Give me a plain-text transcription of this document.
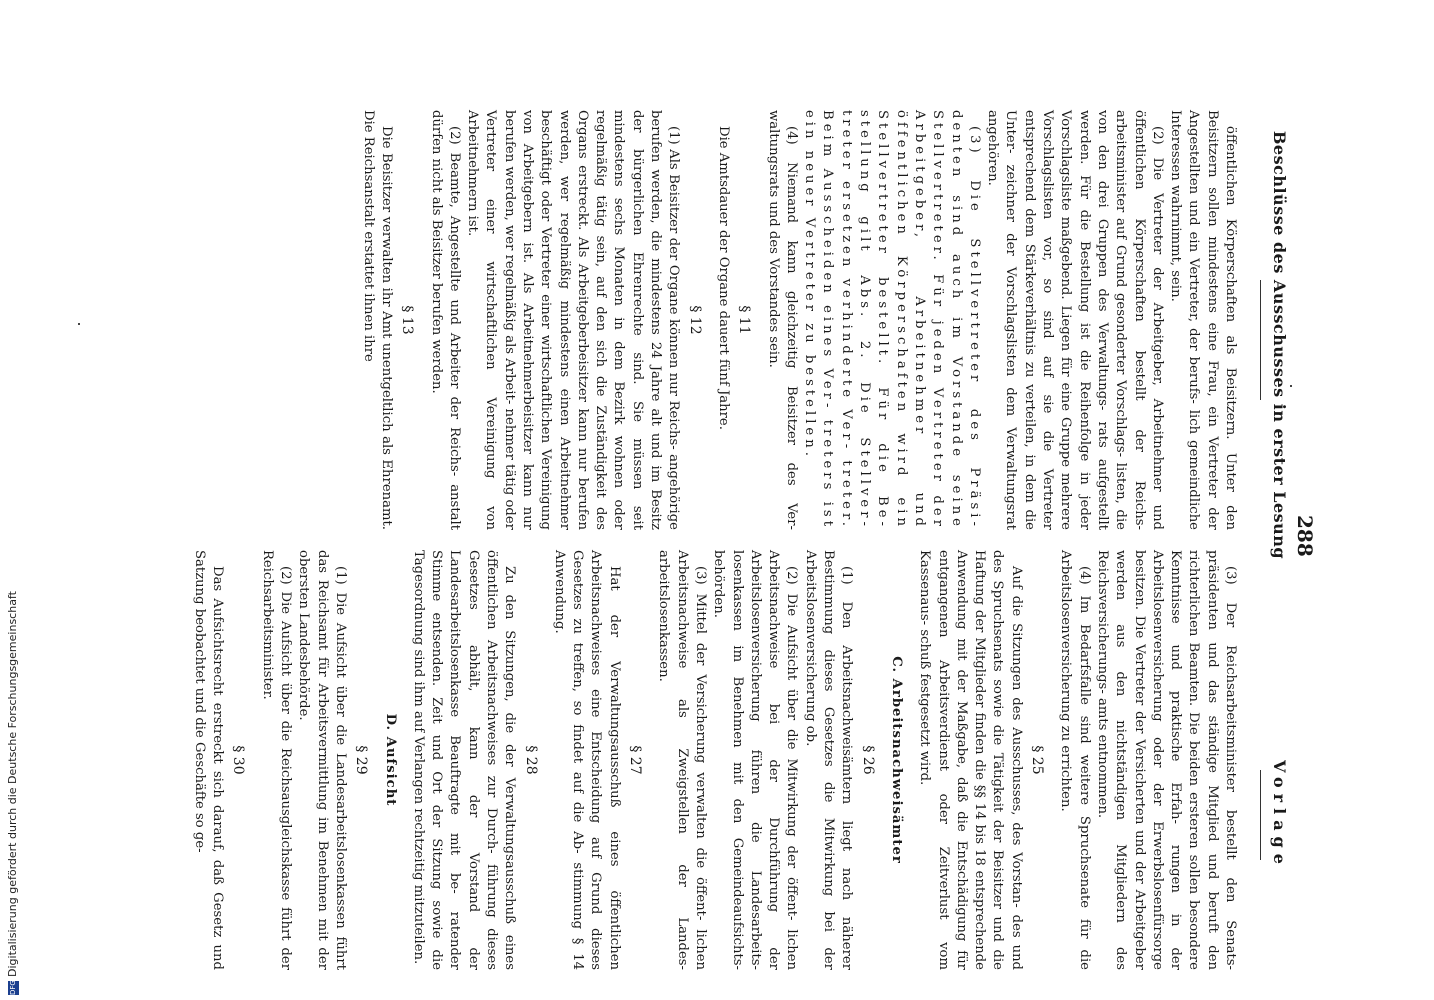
288
Beschlüsse des Ausschusses in erster Lesung
Vorlage
öffentlichen Körperschaften als Beisitzern. Unter den Beisitzern sollen mindestens eine Frau, ein Vertreter der Angestellten und ein Vertreter, der berufs- lich gemeindliche Interessen wahrnimmt, sein.
(2) Die Vertreter der Arbeitgeber, Arbeitnehmer und öffentlichen Körperschaften bestellt der Reichs- arbeitsminister auf Grund gesonderter Vorschlags- listen, die von den drei Gruppen des Verwaltungs- rats aufgestellt werden. Für die Bestellung ist die Reihenfolge in jeder Vorschlagsliste maßgebend. Liegen für eine Gruppe mehrere Vorschlagslisten vor, so sind auf sie die Vertreter entsprechend dem Stärkeverhältnis zu verteilen, in dem die Unter- zeichner der Vorschlagslisten dem Verwaltungsrat angehören.
(3) Die Stellvertreter des Präsi- denten sind auch im Vorstande seine Stellvertreter. Für jeden Vertreter der Arbeitgeber, Arbeitnehmer und öffentlichen Körperschaften wird ein Stellvertreter bestellt. Für die Be- stellung gilt Abs. 2. Die Stellver- treter ersetzen verhinderte Ver- treter. Beim Ausscheiden eines Ver- treters ist ein neuer Vertreter zu bestellen.
(4) Niemand kann gleichzeitig Beisitzer des Ver- waltungsrats und des Vorstandes sein.
§ 11
Die Amtsdauer der Organe dauert fünf Jahre.
§ 12
(1) Als Beisitzer der Organe können nur Reichs- angehörige berufen werden, die mindestens 24 Jahre alt und im Besitz der bürgerlichen Ehrenrechte sind. Sie müssen seit mindestens sechs Monaten in dem Bezirk wohnen oder regelmäßig tätig sein, auf den sich die Zuständigkeit des Organs erstreckt. Als Arbeitgeberbeisitzer kann nur berufen werden, wer regelmäßig mindestens einen Arbeitnehmer beschäftigt oder Vertreter einer wirtschaftlichen Vereinigung von Arbeitgebern ist. Als Arbeitnehmerbeisitzer kann nur berufen werden, wer regelmäßig als Arbeit- nehmer tätig oder Vertreter einer wirtschaftlichen Vereinigung von Arbeitnehmern ist.
(2) Beamte, Angestellte und Arbeiter der Reichs- anstalt dürfen nicht als Beisitzer berufen werden.
§ 13
Die Beisitzer verwalten ihr Amt unentgeltlich als Ehrenamt. Die Reichsanstalt erstattet ihnen ihre
(3) Der Reichsarbeitsminister bestellt den Senats- präsidenten und das ständige Mitglied und beruft den richterlichen Beamten. Die beiden ersteren sollen besondere Kenntnisse und praktische Erfah- rungen in der Arbeitslosenversicherung oder der Erwerbslosenfürsorge besitzen. Die Vertreter der Versicherten und der Arbeitgeber werden aus den nichtständigen Mitgliedern des Reichsversicherungs- amts entnommen.
(4) Im Bedarfsfalle sind weitere Spruchsenate für die Arbeitslosenversicherung zu errichten.
§ 25
Auf die Sitzungen des Ausschusses, des Vorstan- des und des Spruchsenats sowie die Tätigkeit der Beisitzer und die Haftung der Mitglieder finden die §§ 14 bis 18 entsprechende Anwendung mit der Maßgabe, daß die Entschädigung für entgangenen Arbeitsverdienst oder Zeitverlust vom Kassenaus- schuß festgesetzt wird.
C. Arbeitsnachweisämter
§ 26
(1) Den Arbeitsnachweisämtern liegt nach näherer Bestimmung dieses Gesetzes die Mitwirkung bei der Arbeitslosenversicherung ob.
(2) Die Aufsicht über die Mitwirkung der öffent- lichen Arbeitsnachweise bei der Durchführung der Arbeitslosenversicherung führen die Landesarbeits- losenkassen im Benehmen mit den Gemeindeaufsichts- behörden.
(3) Mittel der Versicherung verwalten die öffent- lichen Arbeitsnachweise als Zweigstellen der Landes- arbeitslosenkassen.
§ 27
Hat der Verwaltungsausschuß eines öffentlichen Arbeitsnachweises eine Entscheidung auf Grund dieses Gesetzes zu treffen, so findet auf die Ab- stimmung § 14 Anwendung.
§ 28
Zu den Sitzungen, die der Verwaltungsausschuß eines öffentlichen Arbeitsnachweises zur Durch- führung dieses Gesetzes abhält, kann der Vorstand der Landesarbeitslosenkasse Beauftragte mit be- ratender Stimme entsenden. Zeit und Ort der Sitzung sowie die Tagesordnung sind ihm auf Verlangen rechtzeitig mitzuteilen.
D. Aufsicht
§ 29
(1) Die Aufsicht über die Landesarbeitslosenkassen führt das Reichsamt für Arbeitsvermittlung im Benehmen mit der obersten Landesbehörde.
(2) Die Aufsicht über die Reichsausgleichskasse führt der Reichsarbeitsminister.
§ 30
Das Aufsichtsrecht erstreckt sich darauf, daß Gesetz und Satzung beobachtet und die Geschäfte so ge-
DFGDigitalisierung gefördert durch die Deutsche Forschungsgemeinschaft
